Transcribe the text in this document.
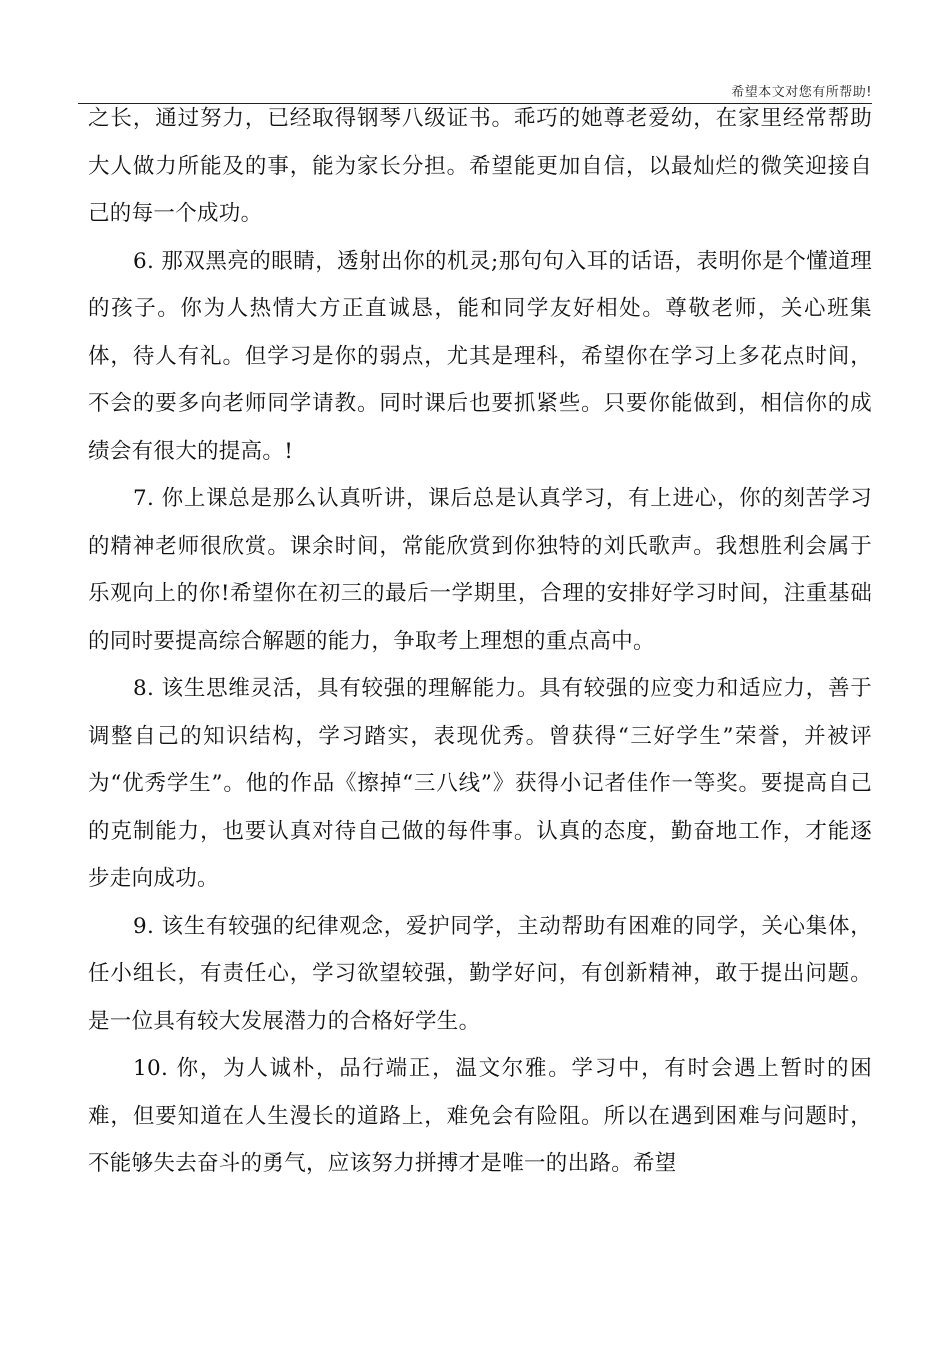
希望本文对您有所帮助!

之长，通过努力，已经取得钢琴八级证书。乖巧的她尊老爱幼，在家里经常帮助大人做力所能及的事，能为家长分担。希望能更加自信，以最灿烂的微笑迎接自己的每一个成功。

6. 那双黑亮的眼睛，透射出你的机灵;那句句入耳的话语，表明你是个懂道理的孩子。你为人热情大方正直诚恳，能和同学友好相处。尊敬老师，关心班集体，待人有礼。但学习是你的弱点，尤其是理科，希望你在学习上多花点时间，不会的要多向老师同学请教。同时课后也要抓紧些。只要你能做到，相信你的成绩会有很大的提高。!

7. 你上课总是那么认真听讲，课后总是认真学习，有上进心，你的刻苦学习的精神老师很欣赏。课余时间，常能欣赏到你独特的刘氏歌声。我想胜利会属于乐观向上的你!希望你在初三的最后一学期里，合理的安排好学习时间，注重基础的同时要提高综合解题的能力，争取考上理想的重点高中。

8. 该生思维灵活，具有较强的理解能力。具有较强的应变力和适应力，善于调整自己的知识结构，学习踏实，表现优秀。曾获得“三好学生”荣誉，并被评为“优秀学生”。他的作品《擦掉“三八线”》获得小记者佳作一等奖。要提高自己的克制能力，也要认真对待自己做的每件事。认真的态度，勤奋地工作，才能逐步走向成功。

9. 该生有较强的纪律观念，爱护同学，主动帮助有困难的同学，关心集体，任小组长，有责任心，学习欲望较强，勤学好问，有创新精神，敢于提出问题。是一位具有较大发展潜力的合格好学生。

10. 你，为人诚朴，品行端正，温文尔雅。学习中，有时会遇上暂时的困难，但要知道在人生漫长的道路上，难免会有险阻。所以在遇到困难与问题时，不能够失去奋斗的勇气，应该努力拼搏才是唯一的出路。希望
